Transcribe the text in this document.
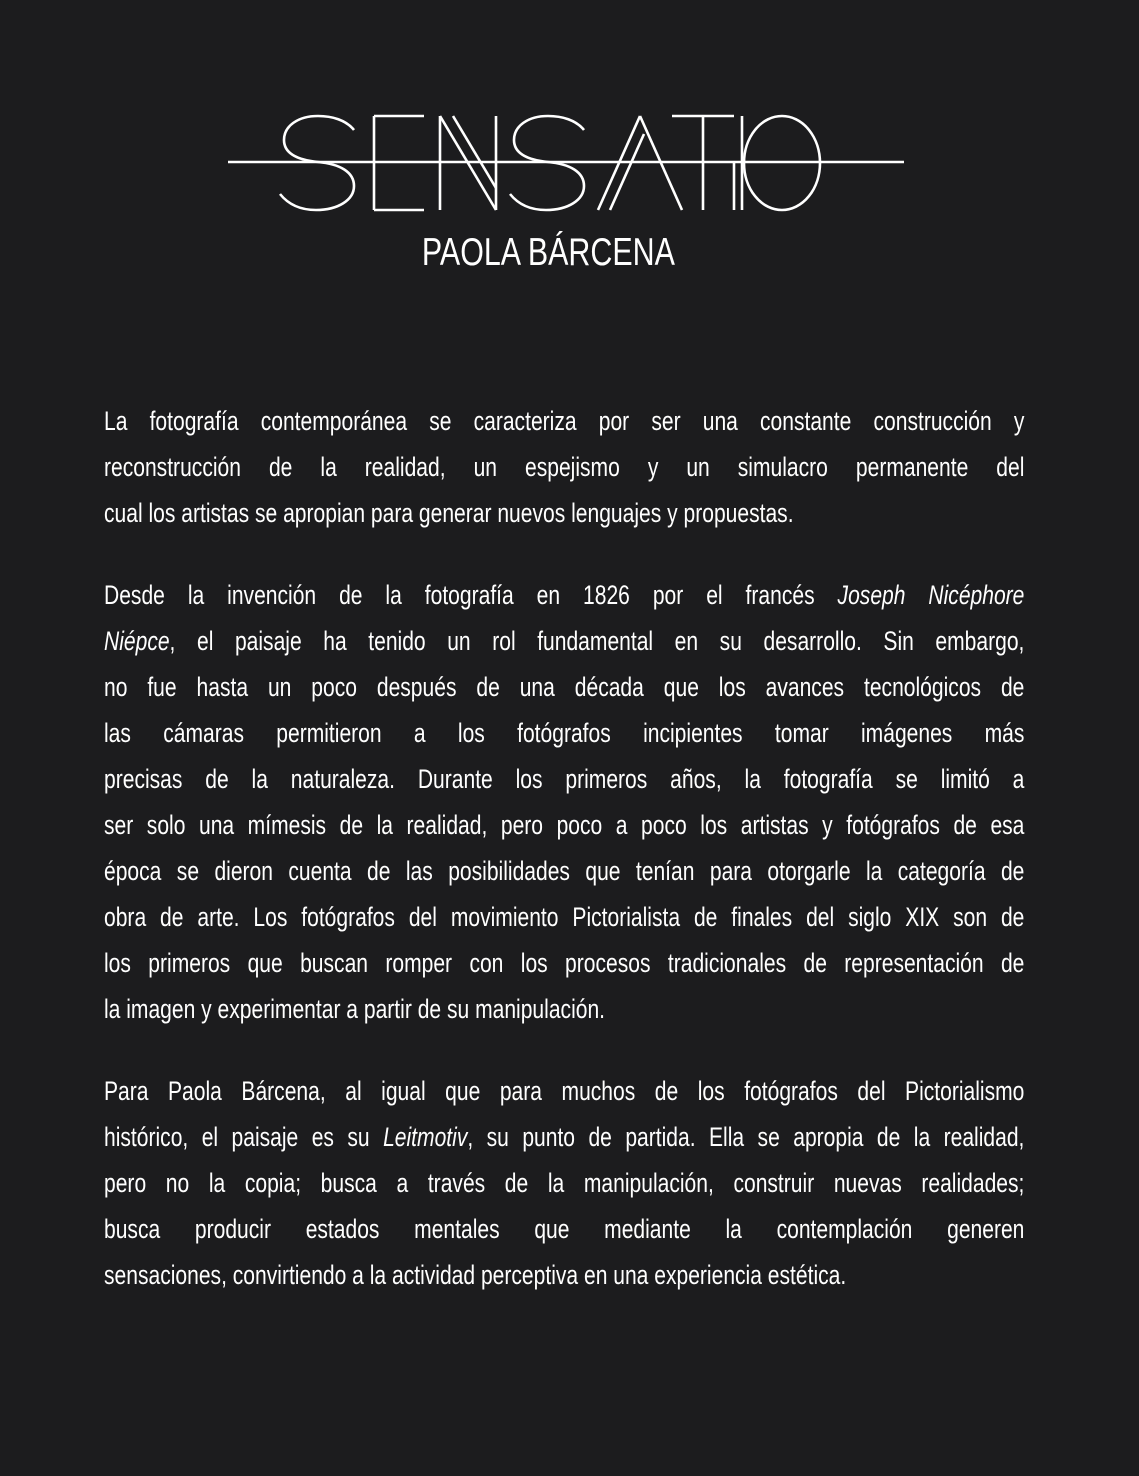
PAOLA BÁRCENA
La fotografía contemporánea se caracteriza por ser una constante construcción y
reconstrucción de la realidad, un espejismo y un simulacro permanente del
cual los artistas se apropian para generar nuevos lenguajes y propuestas.
Desde la invención de la fotografía en 1826 por el francés Joseph Nicéphore
Niépce, el paisaje ha tenido un rol fundamental en su desarrollo. Sin embargo,
no fue hasta un poco después de una década que los avances tecnológicos de
las cámaras permitieron a los fotógrafos incipientes tomar imágenes más
precisas de la naturaleza. Durante los primeros años, la fotografía se limitó a
ser solo una mímesis de la realidad, pero poco a poco los artistas y fotógrafos de esa
época se dieron cuenta de las posibilidades que tenían para otorgarle la categoría de
obra de arte. Los fotógrafos del movimiento Pictorialista de finales del siglo XIX son de
los primeros que buscan romper con los procesos tradicionales de representación de
la imagen y experimentar a partir de su manipulación.
Para Paola Bárcena, al igual que para muchos de los fotógrafos del Pictorialismo
histórico, el paisaje es su Leitmotiv, su punto de partida. Ella se apropia de la realidad,
pero no la copia; busca a través de la manipulación, construir nuevas realidades;
busca producir estados mentales que mediante la contemplación generen
sensaciones, convirtiendo a la actividad perceptiva en una experiencia estética.
